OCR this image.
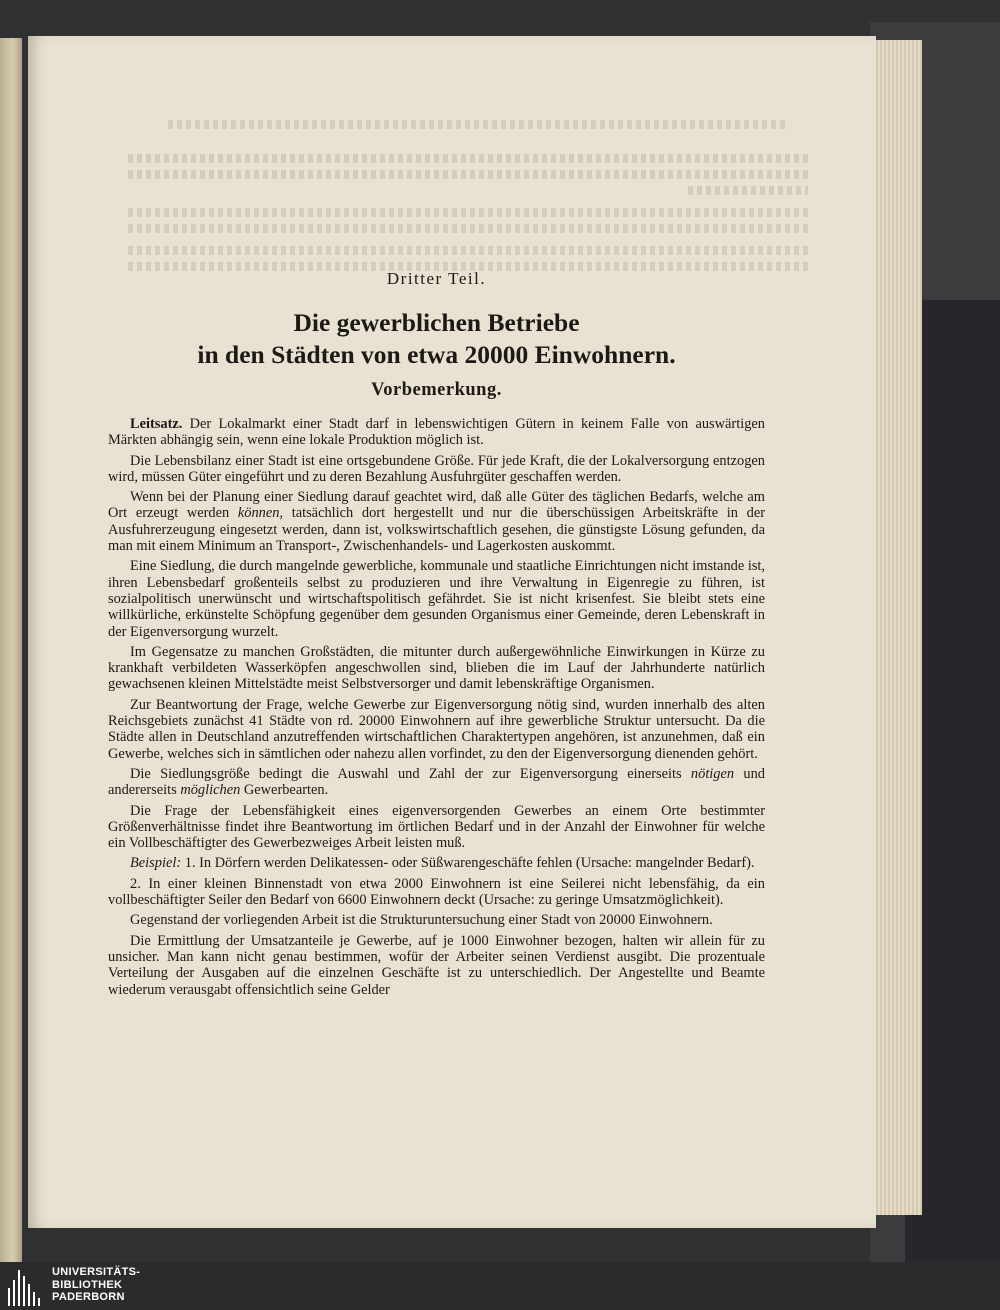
Dritter Teil.
Die gewerblichen Betriebe
in den Städten von etwa 20000 Einwohnern.
Vorbemerkung.

Leitsatz. Der Lokalmarkt einer Stadt darf in lebenswichtigen Gütern in keinem Falle von auswärtigen Märkten abhängig sein, wenn eine lokale Produktion möglich ist.

Die Lebensbilanz einer Stadt ist eine ortsgebundene Größe. Für jede Kraft, die der Lokalversorgung entzogen wird, müssen Güter eingeführt und zu deren Bezahlung Ausfuhrgüter geschaffen werden.

Wenn bei der Planung einer Siedlung darauf geachtet wird, daß alle Güter des täglichen Bedarfs, welche am Ort erzeugt werden können, tatsächlich dort hergestellt und nur die überschüssigen Arbeitskräfte in der Ausfuhrerzeugung eingesetzt werden, dann ist, volkswirtschaftlich gesehen, die günstigste Lösung gefunden, da man mit einem Minimum an Transport-, Zwischenhandels- und Lagerkosten auskommt.

Eine Siedlung, die durch mangelnde gewerbliche, kommunale und staatliche Einrichtungen nicht imstande ist, ihren Lebensbedarf großenteils selbst zu produzieren und ihre Verwaltung in Eigenregie zu führen, ist sozialpolitisch unerwünscht und wirtschaftspolitisch gefährdet. Sie ist nicht krisenfest. Sie bleibt stets eine willkürliche, erkünstelte Schöpfung gegenüber dem gesunden Organismus einer Gemeinde, deren Lebenskraft in der Eigenversorgung wurzelt.

Im Gegensatze zu manchen Großstädten, die mitunter durch außergewöhnliche Einwirkungen in Kürze zu krankhaft verbildeten Wasserköpfen angeschwollen sind, blieben die im Lauf der Jahrhunderte natürlich gewachsenen kleinen Mittelstädte meist Selbstversorger und damit lebenskräftige Organismen.

Zur Beantwortung der Frage, welche Gewerbe zur Eigenversorgung nötig sind, wurden innerhalb des alten Reichsgebiets zunächst 41 Städte von rd. 20000 Einwohnern auf ihre gewerbliche Struktur untersucht. Da die Städte allen in Deutschland anzutreffenden wirtschaftlichen Charaktertypen angehören, ist anzunehmen, daß ein Gewerbe, welches sich in sämtlichen oder nahezu allen vorfindet, zu den der Eigenversorgung dienenden gehört.

Die Siedlungsgröße bedingt die Auswahl und Zahl der zur Eigenversorgung einerseits nötigen und andererseits möglichen Gewerbearten.

Die Frage der Lebensfähigkeit eines eigenversorgenden Gewerbes an einem Orte bestimmter Größenverhältnisse findet ihre Beantwortung im örtlichen Bedarf und in der Anzahl der Einwohner für welche ein Vollbeschäftigter des Gewerbezweiges Arbeit leisten muß.

Beispiel: 1. In Dörfern werden Delikatessen- oder Süßwarengeschäfte fehlen (Ursache: mangelnder Bedarf).

2. In einer kleinen Binnenstadt von etwa 2000 Einwohnern ist eine Seilerei nicht lebensfähig, da ein vollbeschäftigter Seiler den Bedarf von 6600 Einwohnern deckt (Ursache: zu geringe Umsatzmöglichkeit).

Gegenstand der vorliegenden Arbeit ist die Strukturuntersuchung einer Stadt von 20000 Einwohnern.

Die Ermittlung der Umsatzanteile je Gewerbe, auf je 1000 Einwohner bezogen, halten wir allein für zu unsicher. Man kann nicht genau bestimmen, wofür der Arbeiter seinen Verdienst ausgibt. Die prozentuale Verteilung der Ausgaben auf die einzelnen Geschäfte ist zu unterschiedlich. Der Angestellte und Beamte wiederum verausgabt offensichtlich seine Gelder

UNIVERSITÄTS-
BIBLIOTHEK
PADERBORN
